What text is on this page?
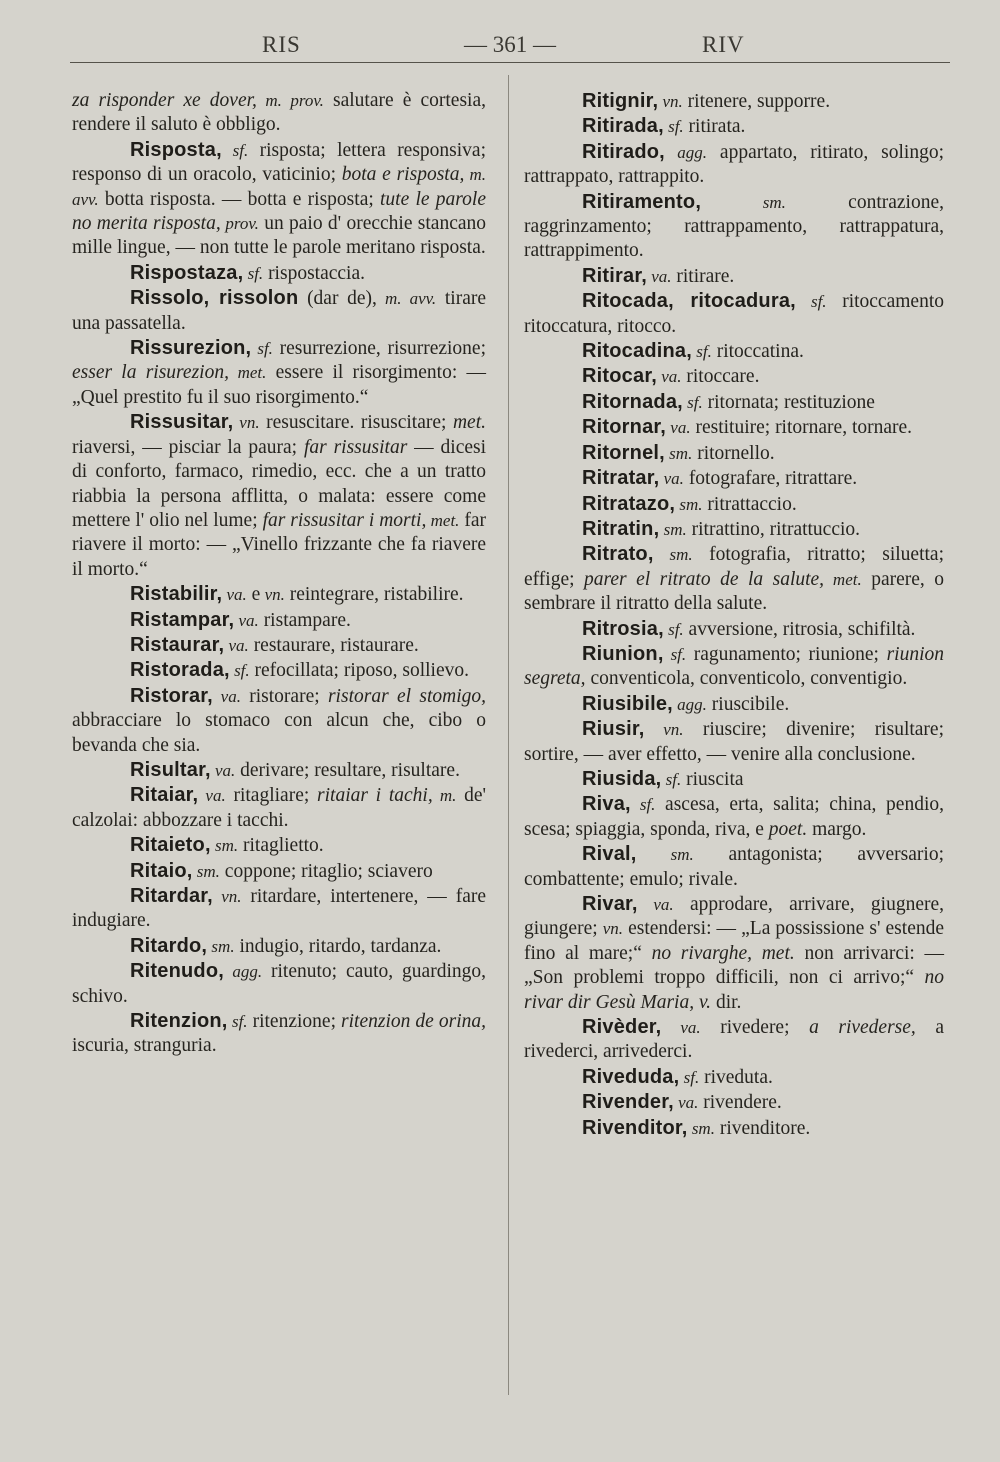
RIS	— 361 —	RIV

za risponder xe dover, m. prov. salutare è cortesia, rendere il saluto è obbligo.

Risposta, sf. risposta; lettera responsiva; responso di un oracolo, vaticinio; bota e risposta, m. avv. botta risposta. — botta e risposta; tute le parole no merita risposta, prov. un paio d' orecchie stancano mille lingue, — non tutte le parole meritano risposta.

Rispostaza, sf. rispostaccia.

Rissolo, rissolon (dar de), m. avv. tirare una passatella.

Rissurezion, sf. resurrezione, risurrezione; esser la risurezion, met. essere il risorgimento: — „Quel prestito fu il suo risorgimento.“

Rissusitar, vn. resuscitare. risuscitare; met. riaversi, — pisciar la paura; far rissusitar — dicesi di conforto, farmaco, rimedio, ecc. che a un tratto riabbia la persona afflitta, o malata: essere come mettere l' olio nel lume; far rissusitar i morti, met. far riavere il morto: — „Vinello frizzante che fa riavere il morto.“

Ristabilir, va. e vn. reintegrare, ristabilire.

Ristampar, va. ristampare.

Ristaurar, va. restaurare, ristaurare.

Ristorada, sf. refocillata; riposo, sollievo.

Ristorar, va. ristorare; ristorar el stomigo, abbracciare lo stomaco con alcun che, cibo o bevanda che sia.

Risultar, va. derivare; resultare, risultare.

Ritaiar, va. ritagliare; ritaiar i tachi, m. de' calzolai: abbozzare i tacchi.

Ritaieto, sm. ritaglietto.

Ritaio, sm. coppone; ritaglio; sciavero

Ritardar, vn. ritardare, intertenere, — fare indugiare.

Ritardo, sm. indugio, ritardo, tardanza.

Ritenudo, agg. ritenuto; cauto, guardingo, schivo.

Ritenzion, sf. ritenzione; ritenzion de orina, iscuria, stranguria.

Ritignir, vn. ritenere, supporre.

Ritirada, sf. ritirata.

Ritirado, agg. appartato, ritirato, solingo; rattrappato, rattrappito.

Ritiramento, sm. contrazione, raggrinzamento; rattrappamento, rattrappatura, rattrappimento.

Ritirar, va. ritirare.

Ritocada, ritocadura, sf. ritoccamento ritoccatura, ritocco.

Ritocadina, sf. ritoccatina.

Ritocar, va. ritoccare.

Ritornada, sf. ritornata; restituzione

Ritornar, va. restituire; ritornare, tornare.

Ritornel, sm. ritornello.

Ritratar, va. fotografare, ritrattare.

Ritratazo, sm. ritrattaccio.

Ritratin, sm. ritrattino, ritrattuccio.

Ritrato, sm. fotografia, ritratto; siluetta; effige; parer el ritrato de la salute, met. parere, o sembrare il ritratto della salute.

Ritrosia, sf. avversione, ritrosia, schifiltà.

Riunion, sf. ragunamento; riunione; riunion segreta, conventicola, conventicolo, conventigio.

Riusibile, agg. riuscibile.

Riusir, vn. riuscire; divenire; risultare; sortire, — aver effetto, — venire alla conclusione.

Riusida, sf. riuscita

Riva, sf. ascesa, erta, salita; china, pendio, scesa; spiaggia, sponda, riva, e poet. margo.

Rival, sm. antagonista; avversario; combattente; emulo; rivale.

Rivar, va. approdare, arrivare, giugnere, giungere; vn. estendersi: — „La possissione s' estende fino al mare;“ no rivarghe, met. non arrivarci: — „Son problemi troppo difficili, non ci arrivo;“ no rivar dir Gesù Maria, v. dir.

Rivèder, va. rivedere; a rivederse, a rivederci, arrivederci.

Riveduda, sf. riveduta.

Rivender, va. rivendere.

Rivenditor, sm. rivenditore.
